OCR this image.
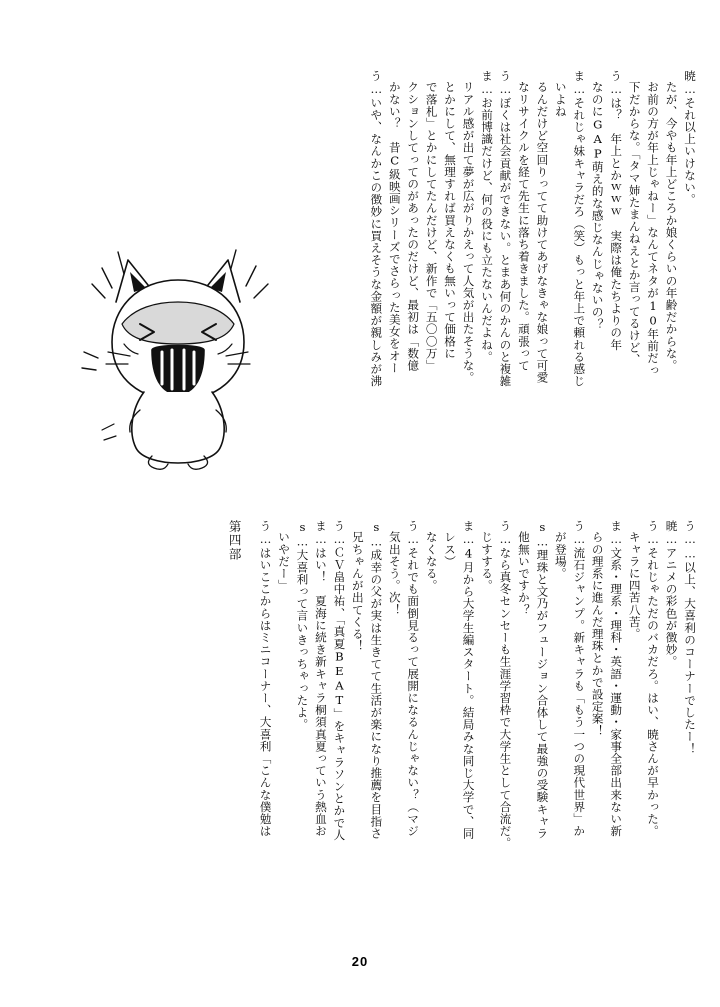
う…いや、なんかこの徴妙に買えそうな金額が親しみが沸 かない？　昔C級映画シリーズでさらった美女をオー クションしてってのがあったのだけど、最初は「数億 で落札」とかにしてたんだけど、新作で「五〇〇万」 とかにして、無理すれば買えなくも無いって価格に リアル感が出て夢が広がりかえって人気が出たそうな。 ま…お前博識だけど、何の役にも立たないんだよね。 う…ぼくは社会貢献ができない。とまあ何のかんのと複雑 なリサイクルを経て先生に落ち着きました。頑張って るんだけど空回りってて助けてあげなきゃな娘って可愛 いよね ま…それじゃ妹キャラだろ（笑）もっと年上で頼れる感じ なのにGAP萌え的な感じなんじゃないの？ う…は？　年上とかｗｗｗ　実際は俺たちよりの年 下だからな。「タマ姉たまんねえとか言ってるけど、 お前の方が年上じゃねー」なんてネタが10年前だっ たが、今やも年上どころか娘くらいの年齢だからな。 暁…それ以上いけない。
第四部 う…はいここからはミニコーナー、大喜利「こんな僕勉は いやだー」 s…大喜利って言いきっちゃったよ。 ま…はい！　夏海に続き新キャラ桐須真夏っていう熱血お う…ＣＶ畠中祐、「真夏BEAT」をキャラソンとかで人 兄ちゃんが出てくる！ s…成幸の父が実は生きてて生活が楽になり推薦を目指さ 気出そう。次！ う…それでも面倒見るって展開になるんじゃない？（マジ なくなる。 レス） ま…4月から大学生編スタート。結局みな同じ大学で、同 じすする。 う…なら真冬センセーも生涯学習枠で大学生として合流だ。 他無いですか？ s…理珠と文乃がフュージョン合体して最強の受験キャラ が登場。 う…流石ジャンプ。新キャラも「もう一つの現代世界」か らの理系に進んだ理珠とかで設定案！ ま…文系・理系・理科・英語・運動・家事全部出来ない新 キャラに四苦八苦。 う…それじゃただのバカだろ。はい、暁さんが早かった。 暁…アニメの彩色が徴妙。 う……以上、大喜利のコーナーでしたー！
20
